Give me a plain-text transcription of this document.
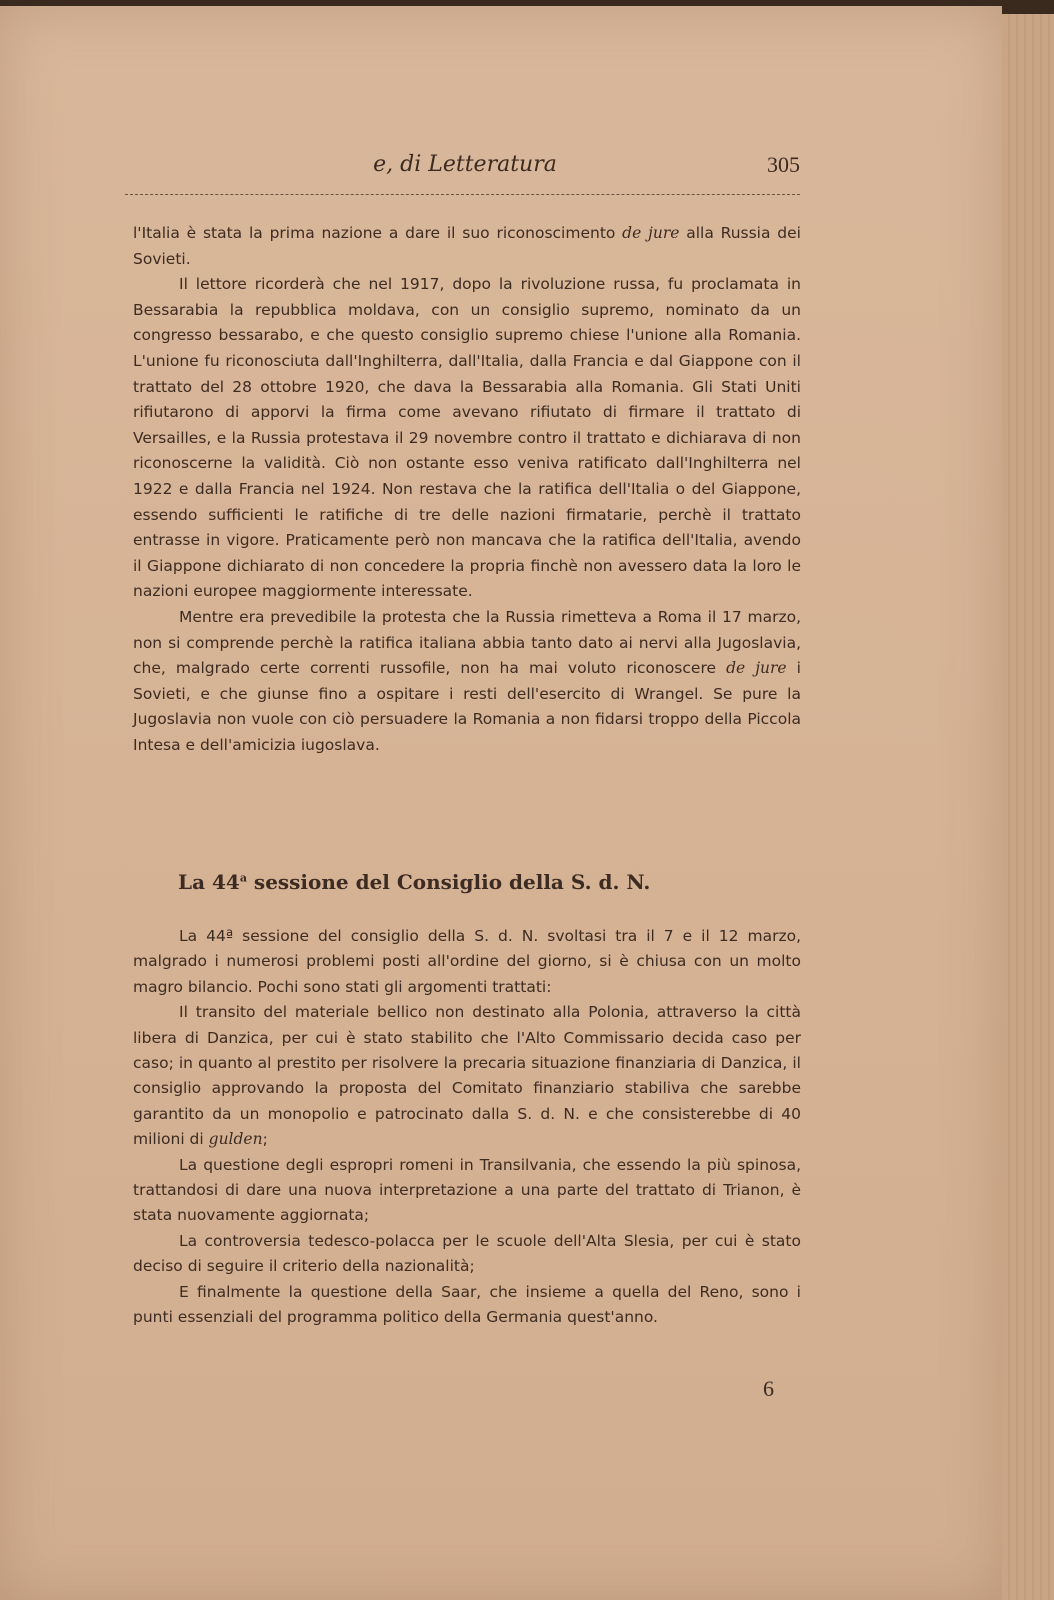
e, di Letteratura	305

l'Italia è stata la prima nazione a dare il suo riconoscimento de jure alla Russia dei Sovieti.

Il lettore ricorderà che nel 1917, dopo la rivoluzione russa, fu proclamata in Bessarabia la repubblica moldava, con un consiglio supremo, nominato da un congresso bessarabo, e che questo consiglio supremo chiese l'unione alla Romania. L'unione fu riconosciuta dall'Inghilterra, dall'Italia, dalla Francia e dal Giappone con il trattato del 28 ottobre 1920, che dava la Bessarabia alla Romania. Gli Stati Uniti rifiutarono di apporvi la firma come avevano rifiutato di firmare il trattato di Versailles, e la Russia protestava il 29 novembre contro il trattato e dichiarava di non riconoscerne la validità. Ciò non ostante esso veniva ratificato dall'Inghilterra nel 1922 e dalla Francia nel 1924. Non restava che la ratifica dell'Italia o del Giappone, essendo sufficienti le ratifiche di tre delle nazioni firmatarie, perchè il trattato entrasse in vigore. Praticamente però non mancava che la ratifica dell'Italia, avendo il Giappone dichiarato di non concedere la propria finchè non avessero data la loro le nazioni europee maggiormente interessate.

Mentre era prevedibile la protesta che la Russia rimetteva a Roma il 17 marzo, non si comprende perchè la ratifica italiana abbia tanto dato ai nervi alla Jugoslavia, che, malgrado certe correnti russofile, non ha mai voluto riconoscere de jure i Sovieti, e che giunse fino a ospitare i resti dell'esercito di Wrangel. Se pure la Jugoslavia non vuole con ciò persuadere la Romania a non fidarsi troppo della Piccola Intesa e dell'amicizia iugoslava.

La 44$^a$ sessione del Consiglio della S. d. N.

La 44ª sessione del consiglio della S. d. N. svoltasi tra il 7 e il 12 marzo, malgrado i numerosi problemi posti all'ordine del giorno, si è chiusa con un molto magro bilancio. Pochi sono stati gli argomenti trattati:

Il transito del materiale bellico non destinato alla Polonia, attraverso la città libera di Danzica, per cui è stato stabilito che l'Alto Commissario decida caso per caso; in quanto al prestito per risolvere la precaria situazione finanziaria di Danzica, il consiglio approvando la proposta del Comitato finanziario stabiliva che sarebbe garantito da un monopolio e patrocinato dalla S. d. N. e che consisterebbe di 40 milioni di gulden;

La questione degli espropri romeni in Transilvania, che essendo la più spinosa, trattandosi di dare una nuova interpretazione a una parte del trattato di Trianon, è stata nuovamente aggiornata;

La controversia tedesco-polacca per le scuole dell'Alta Slesia, per cui è stato deciso di seguire il criterio della nazionalità;

E finalmente la questione della Saar, che insieme a quella del Reno, sono i punti essenziali del programma politico della Germania quest'anno.

6
